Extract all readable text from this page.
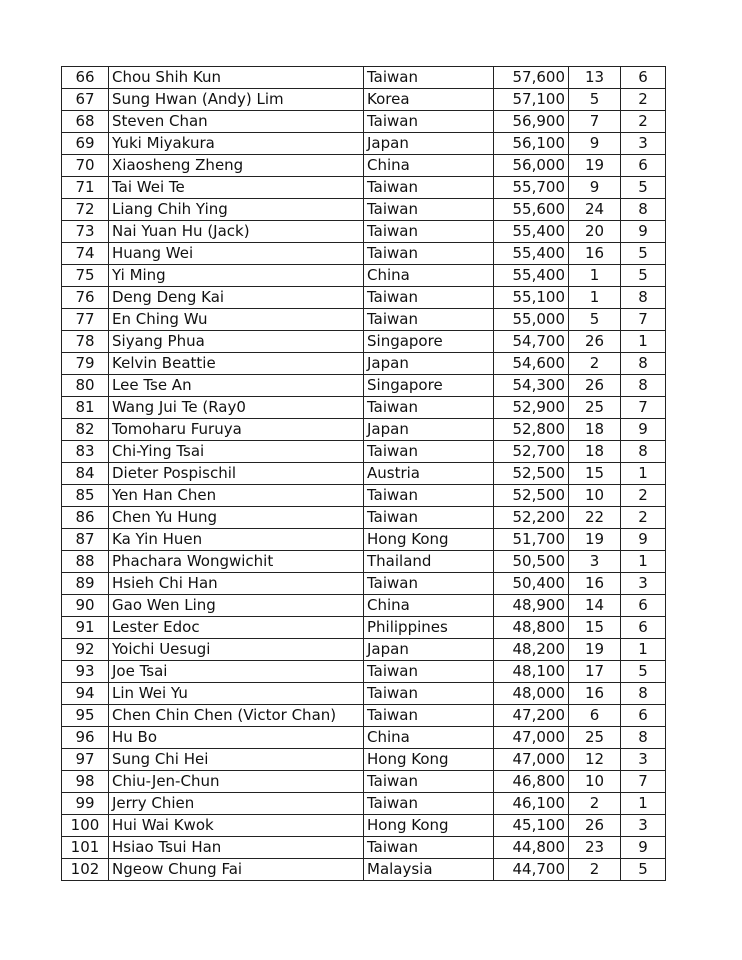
66	Chou Shih Kun	Taiwan	57,600	13	6
67	Sung Hwan (Andy) Lim	Korea	57,100	5	2
68	Steven Chan	Taiwan	56,900	7	2
69	Yuki Miyakura	Japan	56,100	9	3
70	Xiaosheng Zheng	China	56,000	19	6
71	Tai Wei Te	Taiwan	55,700	9	5
72	Liang Chih Ying	Taiwan	55,600	24	8
73	Nai Yuan Hu (Jack)	Taiwan	55,400	20	9
74	Huang Wei	Taiwan	55,400	16	5
75	Yi Ming	China	55,400	1	5
76	Deng Deng Kai	Taiwan	55,100	1	8
77	En Ching Wu	Taiwan	55,000	5	7
78	Siyang Phua	Singapore	54,700	26	1
79	Kelvin Beattie	Japan	54,600	2	8
80	Lee Tse An	Singapore	54,300	26	8
81	Wang Jui Te (Ray0	Taiwan	52,900	25	7
82	Tomoharu Furuya	Japan	52,800	18	9
83	Chi-Ying Tsai	Taiwan	52,700	18	8
84	Dieter Pospischil	Austria	52,500	15	1
85	Yen Han Chen	Taiwan	52,500	10	2
86	Chen Yu Hung	Taiwan	52,200	22	2
87	Ka Yin Huen	Hong Kong	51,700	19	9
88	Phachara Wongwichit	Thailand	50,500	3	1
89	Hsieh Chi Han	Taiwan	50,400	16	3
90	Gao Wen Ling	China	48,900	14	6
91	Lester Edoc	Philippines	48,800	15	6
92	Yoichi Uesugi	Japan	48,200	19	1
93	Joe Tsai	Taiwan	48,100	17	5
94	Lin Wei Yu	Taiwan	48,000	16	8
95	Chen Chin Chen (Victor Chan)	Taiwan	47,200	6	6
96	Hu Bo	China	47,000	25	8
97	Sung Chi Hei	Hong Kong	47,000	12	3
98	Chiu-Jen-Chun	Taiwan	46,800	10	7
99	Jerry Chien	Taiwan	46,100	2	1
100	Hui Wai Kwok	Hong Kong	45,100	26	3
101	Hsiao Tsui Han	Taiwan	44,800	23	9
102	Ngeow Chung Fai	Malaysia	44,700	2	5
